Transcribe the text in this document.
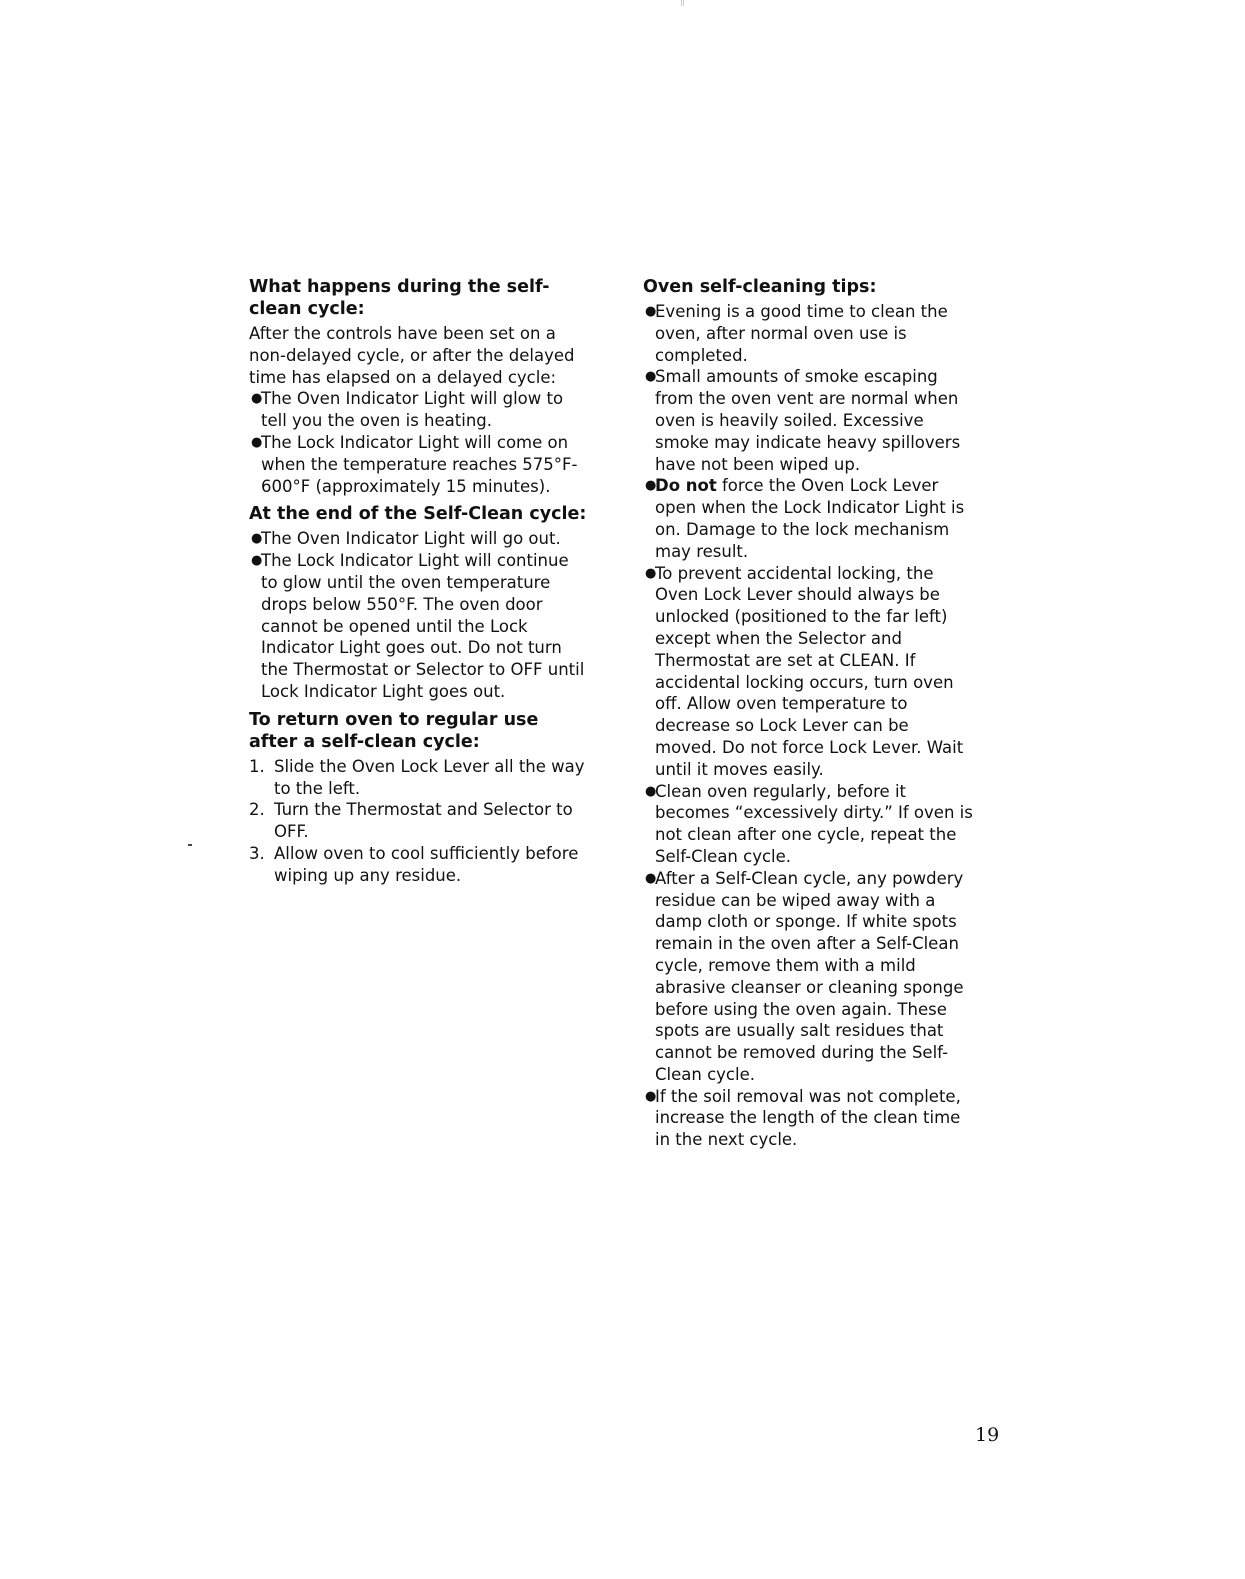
What happens during the self-clean cycle:

After the controls have been set on a non-delayed cycle, or after the delayed time has elapsed on a delayed cycle:

●
The Oven Indicator Light will glow to tell you the oven is heating.
●
The Lock Indicator Light will come on when the temperature reaches 575°F-600°F (approximately 15 minutes).

At the end of the Self-Clean cycle:

●
The Oven Indicator Light will go out.
●
The Lock Indicator Light will continue to glow until the oven temperature drops below 550°F. The oven door cannot be opened until the Lock Indicator Light goes out. Do not turn the Thermostat or Selector to OFF until Lock Indicator Light goes out.

To return oven to regular use after a self-clean cycle:

1. Slide the Oven Lock Lever all the way to the left.
2. Turn the Thermostat and Selector to OFF.
3. Allow oven to cool sufficiently before wiping up any residue.

Oven self-cleaning tips:

●
Evening is a good time to clean the oven, after normal oven use is completed.
●
Small amounts of smoke escaping from the oven vent are normal when oven is heavily soiled. Excessive smoke may indicate heavy spillovers have not been wiped up.
●
Do not force the Oven Lock Lever open when the Lock Indicator Light is on. Damage to the lock mechanism may result.
●
To prevent accidental locking, the Oven Lock Lever should always be unlocked (positioned to the far left) except when the Selector and Thermostat are set at CLEAN. If accidental locking occurs, turn oven off. Allow oven temperature to decrease so Lock Lever can be moved. Do not force Lock Lever. Wait until it moves easily.
●
Clean oven regularly, before it becomes “excessively dirty.” If oven is not clean after one cycle, repeat the Self-Clean cycle.
●
After a Self-Clean cycle, any powdery residue can be wiped away with a damp cloth or sponge. If white spots remain in the oven after a Self-Clean cycle, remove them with a mild abrasive cleanser or cleaning sponge before using the oven again. These spots are usually salt residues that cannot be removed during the Self-Clean cycle.
●
If the soil removal was not complete, increase the length of the clean time in the next cycle.
19
